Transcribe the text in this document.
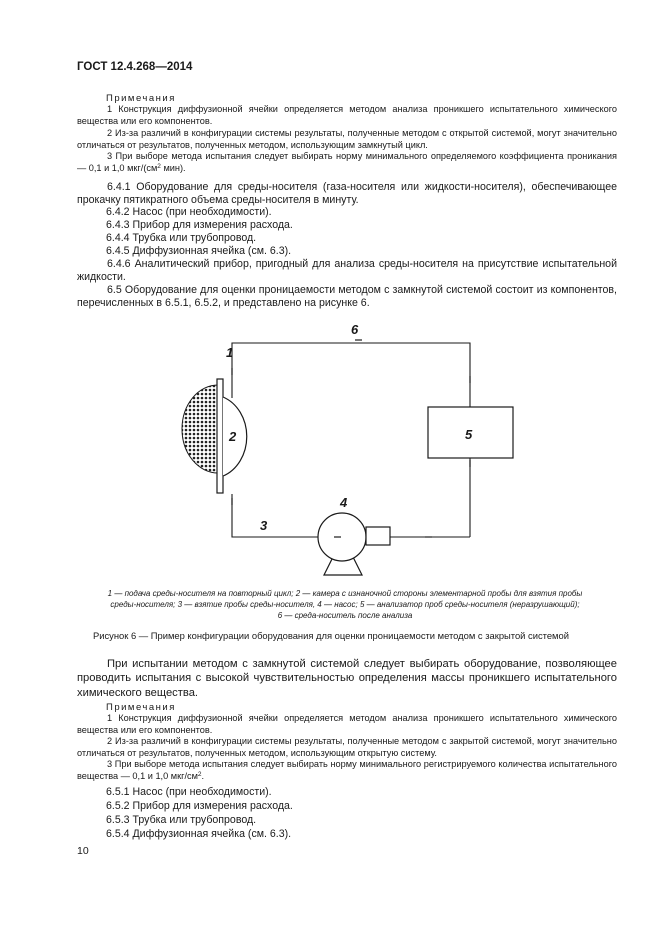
ГОСТ 12.4.268—2014
Примечания
1 Конструкция диффузионной ячейки определяется методом анализа проникшего испытательного химического вещества или его компонентов.
2 Из-за различий в конфигурации системы результаты, полученные методом с открытой системой, могут значительно отличаться от результатов, полученных методом, использующим замкнутый цикл.
3 При выборе метода испытания следует выбирать норму минимального определяемого коэффициента проникания — 0,1 и 1,0 мкг/($см^2$ мин).
6.4.1 Оборудование для среды-носителя (газа-носителя или жидкости-носителя), обеспечивающее прокачку пятикратного объема среды-носителя в минуту.
6.4.2 Насос (при необходимости).
6.4.3 Прибор для измерения расхода.
6.4.4 Трубка или трубопровод.
6.4.5 Диффузионная ячейка (см. 6.3).
6.4.6 Аналитический прибор, пригодный для анализа среды-носителя на присутствие испытательной жидкости.
6.5 Оборудование для оценки проницаемости методом с замкнутой системой состоит из компонентов, перечисленных в 6.5.1, 6.5.2, и представлено на рисунке 6.
1
2
3
4
5
6
1 — подача среды-носителя на повторный цикл; 2 — камера с изнаночной стороны элементарной пробы для взятия пробы
среды-носителя; 3 — взятие пробы среды-носителя, 4 — насос; 5 — анализатор проб среды-носителя (неразрушающий);
6 — среда-носитель после анализа
Рисунок 6 — Пример конфигурации оборудования для оценки проницаемости методом с закрытой системой
При испытании методом с замкнутой системой следует выбирать оборудование, позволяющее проводить испытания с высокой чувствительностью определения массы проникшего испытательного химического вещества.
Примечания
1 Конструкция диффузионной ячейки определяется методом анализа проникшего испытательного химического вещества или его компонентов.
2 Из-за различий в конфигурации системы результаты, полученные методом с закрытой системой, могут значительно отличаться от результатов, полученных методом, использующим открытую систему.
3 При выборе метода испытания следует выбирать норму минимального регистрируемого количества испытательного вещества — 0,1 и 1,0 мкг/$см^2$.
6.5.1 Насос (при необходимости).
6.5.2 Прибор для измерения расхода.
6.5.3 Трубка или трубопровод.
6.5.4 Диффузионная ячейка (см. 6.3).
10
